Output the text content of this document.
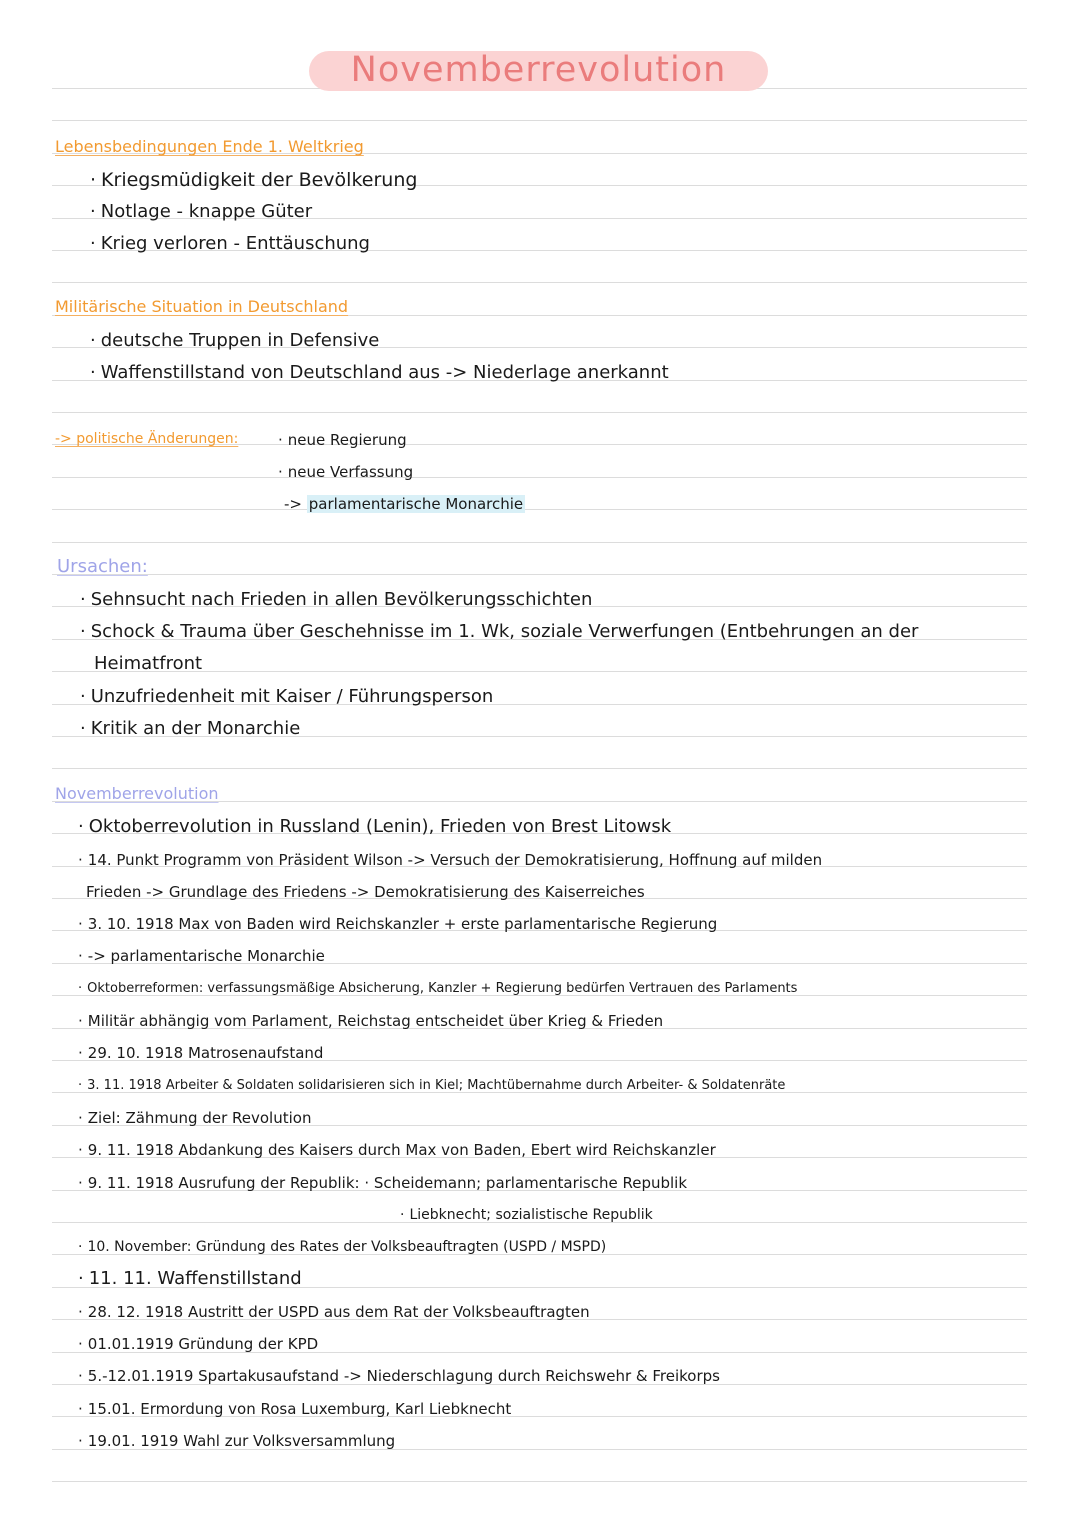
Novemberrevolution
Lebensbedingungen Ende 1. Weltkrieg
· Kriegsmüdigkeit der Bevölkerung
· Notlage - knappe Güter
· Krieg verloren - Enttäuschung
Militärische Situation in Deutschland
· deutsche Truppen in Defensive
· Waffenstillstand von Deutschland aus -> Niederlage anerkannt
-> politische Änderungen:	· neue Regierung
· neue Verfassung
-> parlamentarische Monarchie
Ursachen:
· Sehnsucht nach Frieden in allen Bevölkerungsschichten
· Schock & Trauma über Geschehnisse im 1. Wk, soziale Verwerfungen (Entbehrungen an der
Heimatfront
· Unzufriedenheit mit Kaiser / Führungsperson
· Kritik an der Monarchie
Novemberrevolution
· Oktoberrevolution in Russland (Lenin), Frieden von Brest Litowsk
· 14. Punkt Programm von Präsident Wilson -> Versuch der Demokratisierung, Hoffnung auf milden
Frieden -> Grundlage des Friedens -> Demokratisierung des Kaiserreiches
· 3. 10. 1918 Max von Baden wird Reichskanzler + erste parlamentarische Regierung
· -> parlamentarische Monarchie
· Oktoberreformen: verfassungsmäßige Absicherung, Kanzler + Regierung bedürfen Vertrauen des Parlaments
· Militär abhängig vom Parlament, Reichstag entscheidet über Krieg & Frieden
· 29. 10. 1918 Matrosenaufstand
· 3. 11. 1918 Arbeiter & Soldaten solidarisieren sich in Kiel; Machtübernahme durch Arbeiter- & Soldatenräte
· Ziel: Zähmung der Revolution
· 9. 11. 1918 Abdankung des Kaisers durch Max von Baden, Ebert wird Reichskanzler
· 9. 11. 1918 Ausrufung der Republik: · Scheidemann; parlamentarische Republik
· Liebknecht; sozialistische Republik
· 10. November: Gründung des Rates der Volksbeauftragten (USPD / MSPD)
· 11. 11. Waffenstillstand
· 28. 12. 1918 Austritt der USPD aus dem Rat der Volksbeauftragten
· 01.01.1919 Gründung der KPD
· 5.-12.01.1919 Spartakusaufstand -> Niederschlagung durch Reichswehr & Freikorps
· 15.01. Ermordung von Rosa Luxemburg, Karl Liebknecht
· 19.01. 1919 Wahl zur Volksversammlung
